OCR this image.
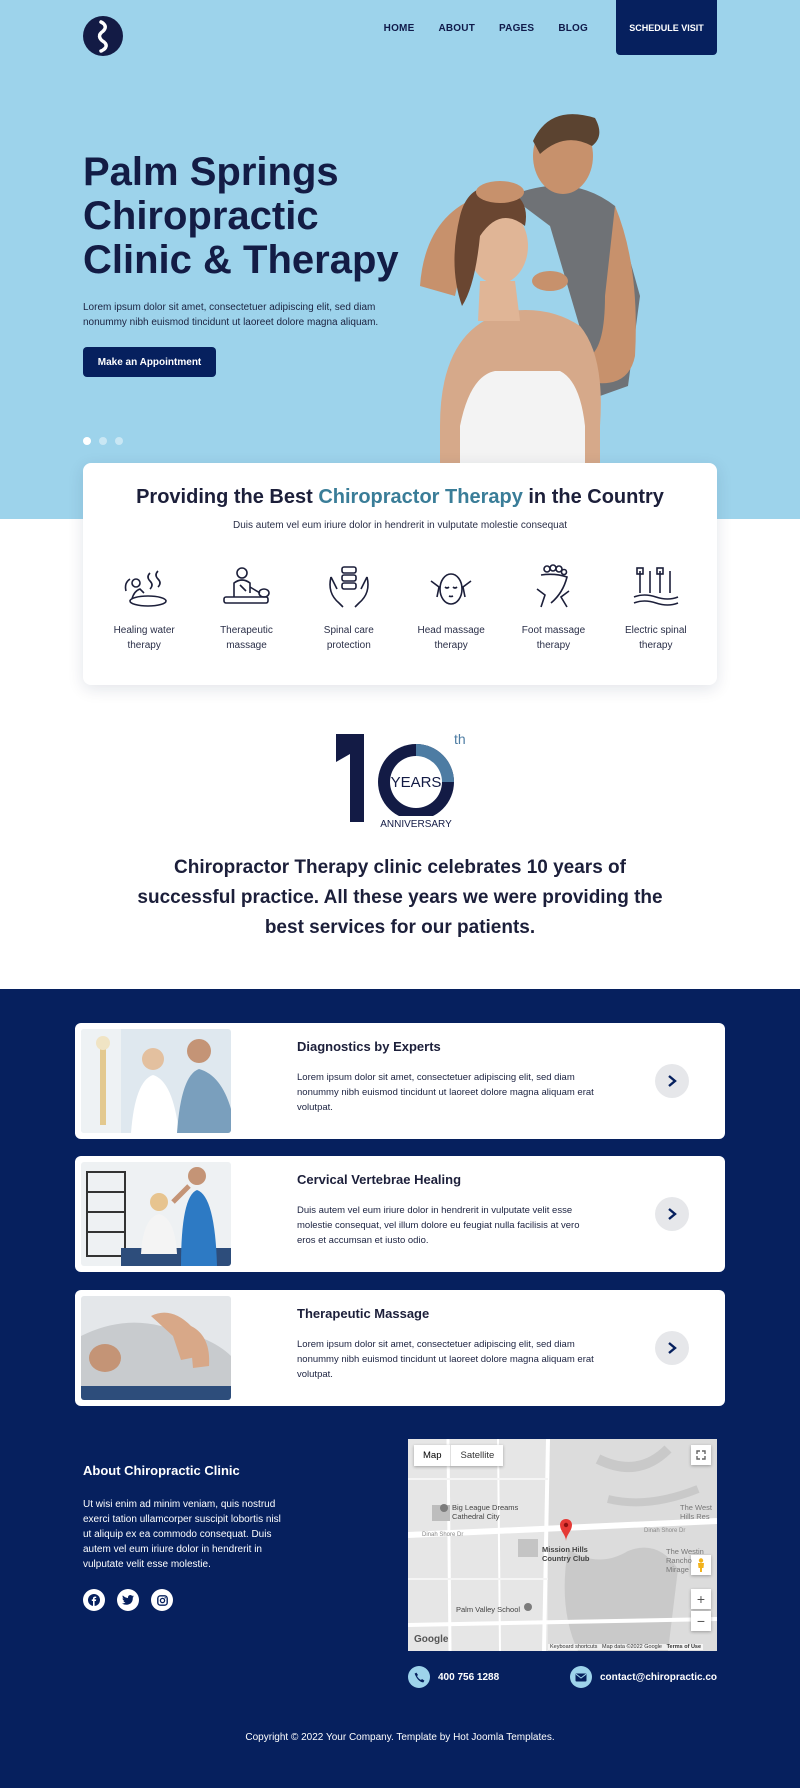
HOME ABOUT PAGES BLOG	SCHEDULE VISIT
Palm Springs Chiropractic Clinic & Therapy

Lorem ipsum dolor sit amet, consectetuer adipiscing elit, sed diam nonummy nibh euismod tincidunt ut laoreet dolore magna aliquam.

Make an Appointment
Providing the Best Chiropractor Therapy in the Country

Duis autem vel eum iriure dolor in hendrerit in vulputate molestie consequat

Healing water therapy
Therapeutic massage
Spinal care protection
Head massage therapy
Foot massage therapy
Electric spinal therapy
YEARS
th
ANNIVERSARY

Chiropractor Therapy clinic celebrates 10 years of successful practice. All these years we were providing the best services for our patients.

Diagnostics by Experts

Lorem ipsum dolor sit amet, consectetuer adipiscing elit, sed diam nonummy nibh euismod tincidunt ut laoreet dolore magna aliquam erat volutpat.

Cervical Vertebrae Healing

Duis autem vel eum iriure dolor in hendrerit in vulputate velit esse molestie consequat, vel illum dolore eu feugiat nulla facilisis at vero eros et accumsan et iusto odio.

Therapeutic Massage

Lorem ipsum dolor sit amet, consectetuer adipiscing elit, sed diam nonummy nibh euismod tincidunt ut laoreet dolore magna aliquam erat volutpat.

About Chiropractic Clinic

Ut wisi enim ad minim veniam, quis nostrud exerci tation ullamcorper suscipit lobortis nisl ut aliquip ex ea commodo consequat. Duis autem vel eum iriure dolor in hendrerit in vulputate velit esse molestie.

Map	Satellite
+
−
Big League Dreams Cathedral City
Mission Hills Country Club
Palm Valley School
The West Hills Res
The Westin Rancho Mirage
Dinah Shore Dr
Dinah Shore Dr
Google
Keyboard shortcuts Map data ©2022 Google Terms of Use
400 756 1288	contact@chiropractic.co

Copyright © 2022 Your Company. Template by Hot Joomla Templates.
